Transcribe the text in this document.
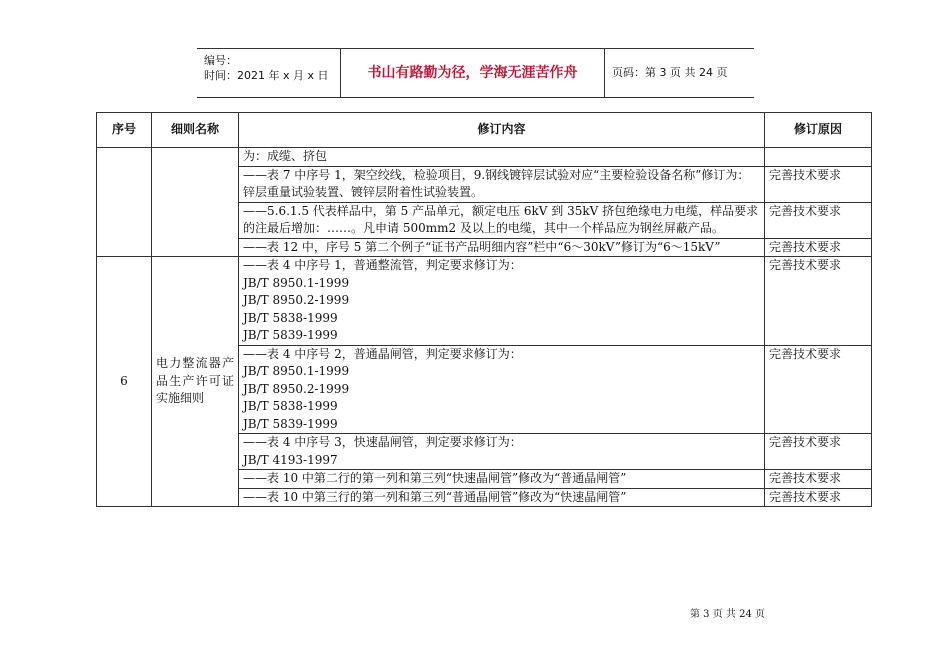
编号：
时间：2021 年 x 月 x 日	书山有路勤为径，学海无涯苦作舟	页码：第 3 页 共 24 页
序号	细则名称	修订内容	修订原因
		为：成缆、挤包	
		——表 7 中序号 1，架空绞线，检验项目，9.钢线镀锌层试验对应“主要检验设备名称”修订为：锌层重量试验装置、镀锌层附着性试验装置。	完善技术要求
		——5.6.1.5 代表样品中，第 5 产品单元，额定电压 6kV 到 35kV 挤包绝缘电力电缆，样品要求的注最后增加：……。凡申请 500mm2 及以上的电缆，其中一个样品应为钢丝屏蔽产品。	完善技术要求
		——表 12 中，序号 5 第二个例子“证书产品明细内容”栏中“6～30kV”修订为“6～15kV”	完善技术要求
6	电力整流器产品生产许可证实施细则	——表 4 中序号 1，普通整流管，判定要求修订为：
JB/T 8950.1-1999
JB/T 8950.2-1999
JB/T 5838-1999
JB/T 5839-1999	完善技术要求

		——表 4 中序号 2，普通晶闸管，判定要求修订为：
JB/T 8950.1-1999
JB/T 8950.2-1999
JB/T 5838-1999
JB/T 5839-1999	完善技术要求

		——表 4 中序号 3，快速晶闸管，判定要求修订为：
JB/T 4193-1997	完善技术要求

		——表 10 中第二行的第一列和第三列“快速晶闸管”修改为“普通晶闸管”	完善技术要求

		——表 10 中第三行的第一列和第三列“普通晶闸管”修改为“快速晶闸管”	完善技术要求
第 3 页 共 24 页
